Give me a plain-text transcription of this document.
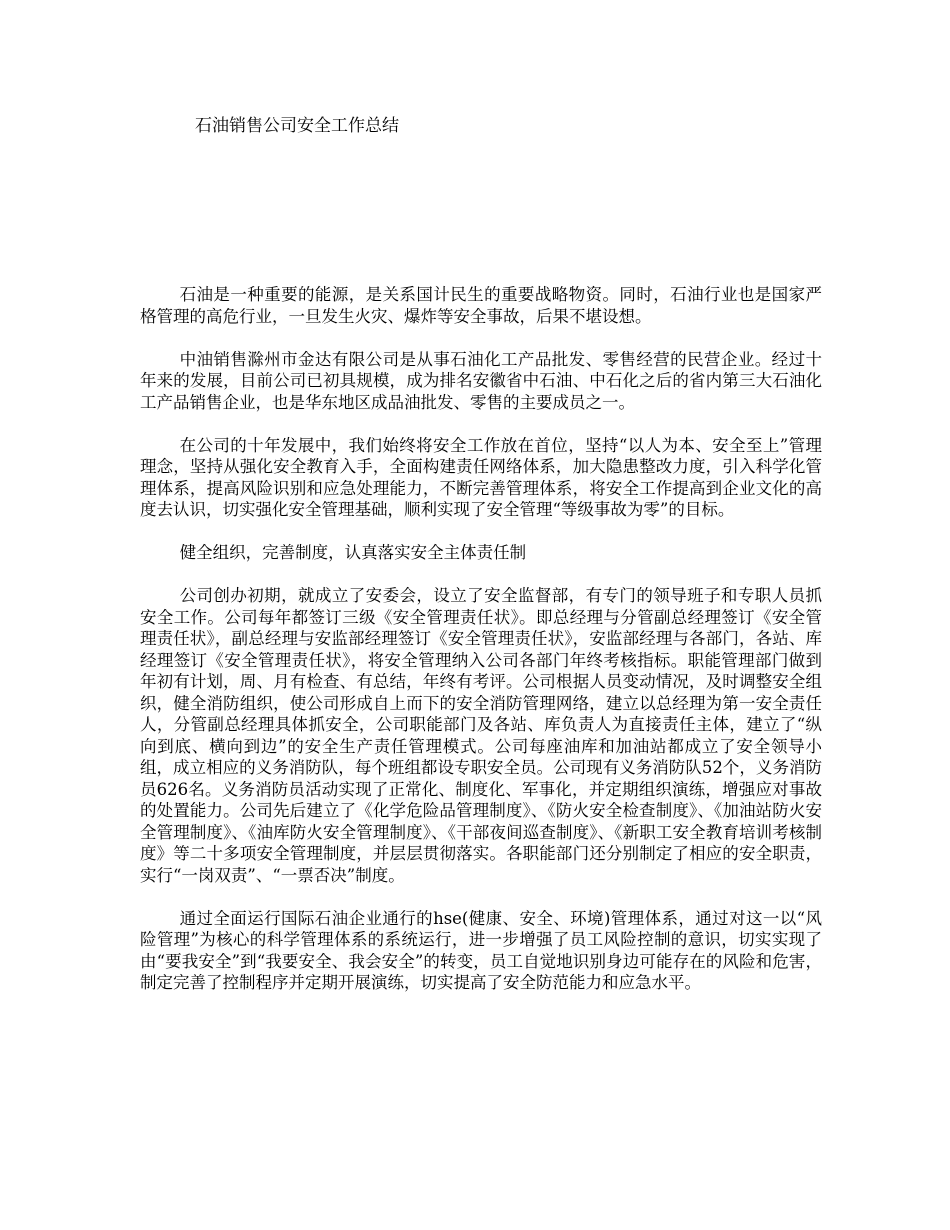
石油销售公司安全工作总结

石油是一种重要的能源，是关系国计民生的重要战略物资。同时，石油行业也是国家严格管理的高危行业，一旦发生火灾、爆炸等安全事故，后果不堪设想。

中油销售滁州市金达有限公司是从事石油化工产品批发、零售经营的民营企业。经过十年来的发展，目前公司已初具规模，成为排名安徽省中石油、中石化之后的省内第三大石油化工产品销售企业，也是华东地区成品油批发、零售的主要成员之一。

在公司的十年发展中，我们始终将安全工作放在首位，坚持“以人为本、安全至上”管理理念，坚持从强化安全教育入手，全面构建责任网络体系，加大隐患整改力度，引入科学化管理体系，提高风险识别和应急处理能力，不断完善管理体系，将安全工作提高到企业文化的高度去认识，切实强化安全管理基础，顺利实现了安全管理“等级事故为零”的目标。

健全组织，完善制度，认真落实安全主体责任制

公司创办初期，就成立了安委会，设立了安全监督部，有专门的领导班子和专职人员抓安全工作。公司每年都签订三级《安全管理责任状》。即总经理与分管副总经理签订《安全管理责任状》，副总经理与安监部经理签订《安全管理责任状》，安监部经理与各部门，各站、库经理签订《安全管理责任状》，将安全管理纳入公司各部门年终考核指标。职能管理部门做到年初有计划，周、月有检查、有总结，年终有考评。公司根据人员变动情况，及时调整安全组织，健全消防组织，使公司形成自上而下的安全消防管理网络，建立以总经理为第一安全责任人，分管副总经理具体抓安全，公司职能部门及各站、库负责人为直接责任主体，建立了“纵向到底、横向到边”的安全生产责任管理模式。公司每座油库和加油站都成立了安全领导小组，成立相应的义务消防队，每个班组都设专职安全员。公司现有义务消防队52个，义务消防员626名。义务消防员活动实现了正常化、制度化、军事化，并定期组织演练，增强应对事故的处置能力。公司先后建立了《化学危险品管理制度》、《防火安全检查制度》、《加油站防火安全管理制度》、《油库防火安全管理制度》、《干部夜间巡查制度》、《新职工安全教育培训考核制度》等二十多项安全管理制度，并层层贯彻落实。各职能部门还分别制定了相应的安全职责，实行“一岗双责”、“一票否决”制度。

通过全面运行国际石油企业通行的hse(健康、安全、环境)管理体系，通过对这一以“风险管理”为核心的科学管理体系的系统运行，进一步增强了员工风险控制的意识，切实实现了由“要我安全”到“我要安全、我会安全”的转变，员工自觉地识别身边可能存在的风险和危害，制定完善了控制程序并定期开展演练，切实提高了安全防范能力和应急水平。
